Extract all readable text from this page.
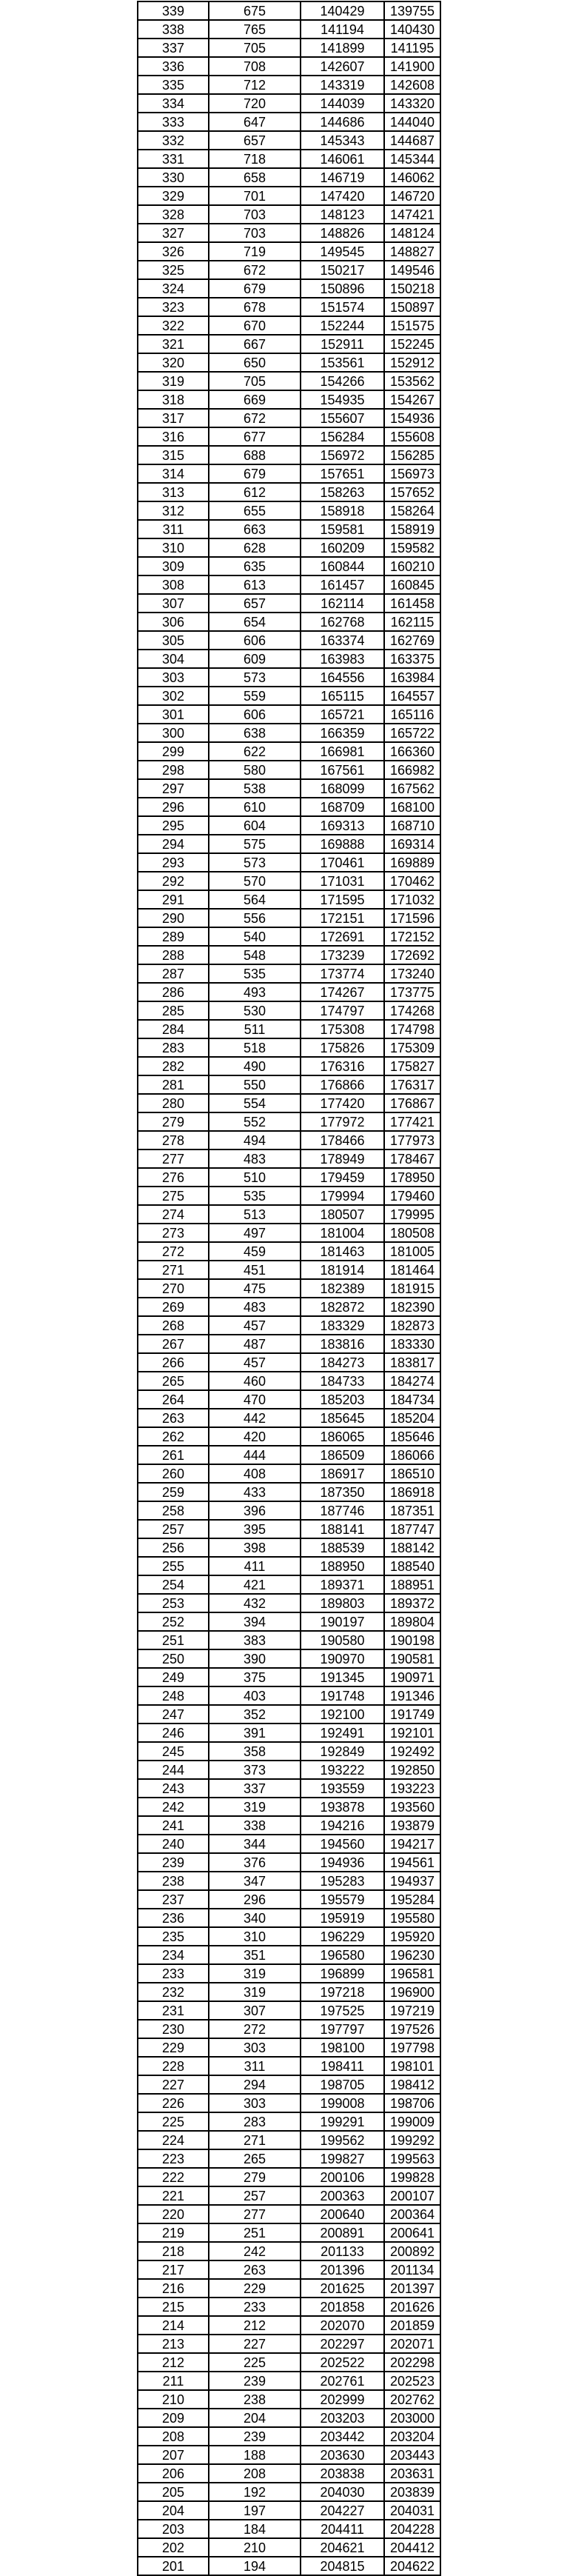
339	675	140429	139755
338	765	141194	140430
337	705	141899	141195
336	708	142607	141900
335	712	143319	142608
334	720	144039	143320
333	647	144686	144040
332	657	145343	144687
331	718	146061	145344
330	658	146719	146062
329	701	147420	146720
328	703	148123	147421
327	703	148826	148124
326	719	149545	148827
325	672	150217	149546
324	679	150896	150218
323	678	151574	150897
322	670	152244	151575
321	667	152911	152245
320	650	153561	152912
319	705	154266	153562
318	669	154935	154267
317	672	155607	154936
316	677	156284	155608
315	688	156972	156285
314	679	157651	156973
313	612	158263	157652
312	655	158918	158264
311	663	159581	158919
310	628	160209	159582
309	635	160844	160210
308	613	161457	160845
307	657	162114	161458
306	654	162768	162115
305	606	163374	162769
304	609	163983	163375
303	573	164556	163984
302	559	165115	164557
301	606	165721	165116
300	638	166359	165722
299	622	166981	166360
298	580	167561	166982
297	538	168099	167562
296	610	168709	168100
295	604	169313	168710
294	575	169888	169314
293	573	170461	169889
292	570	171031	170462
291	564	171595	171032
290	556	172151	171596
289	540	172691	172152
288	548	173239	172692
287	535	173774	173240
286	493	174267	173775
285	530	174797	174268
284	511	175308	174798
283	518	175826	175309
282	490	176316	175827
281	550	176866	176317
280	554	177420	176867
279	552	177972	177421
278	494	178466	177973
277	483	178949	178467
276	510	179459	178950
275	535	179994	179460
274	513	180507	179995
273	497	181004	180508
272	459	181463	181005
271	451	181914	181464
270	475	182389	181915
269	483	182872	182390
268	457	183329	182873
267	487	183816	183330
266	457	184273	183817
265	460	184733	184274
264	470	185203	184734
263	442	185645	185204
262	420	186065	185646
261	444	186509	186066
260	408	186917	186510
259	433	187350	186918
258	396	187746	187351
257	395	188141	187747
256	398	188539	188142
255	411	188950	188540
254	421	189371	188951
253	432	189803	189372
252	394	190197	189804
251	383	190580	190198
250	390	190970	190581
249	375	191345	190971
248	403	191748	191346
247	352	192100	191749
246	391	192491	192101
245	358	192849	192492
244	373	193222	192850
243	337	193559	193223
242	319	193878	193560
241	338	194216	193879
240	344	194560	194217
239	376	194936	194561
238	347	195283	194937
237	296	195579	195284
236	340	195919	195580
235	310	196229	195920
234	351	196580	196230
233	319	196899	196581
232	319	197218	196900
231	307	197525	197219
230	272	197797	197526
229	303	198100	197798
228	311	198411	198101
227	294	198705	198412
226	303	199008	198706
225	283	199291	199009
224	271	199562	199292
223	265	199827	199563
222	279	200106	199828
221	257	200363	200107
220	277	200640	200364
219	251	200891	200641
218	242	201133	200892
217	263	201396	201134
216	229	201625	201397
215	233	201858	201626
214	212	202070	201859
213	227	202297	202071
212	225	202522	202298
211	239	202761	202523
210	238	202999	202762
209	204	203203	203000
208	239	203442	203204
207	188	203630	203443
206	208	203838	203631
205	192	204030	203839
204	197	204227	204031
203	184	204411	204228
202	210	204621	204412
201	194	204815	204622
